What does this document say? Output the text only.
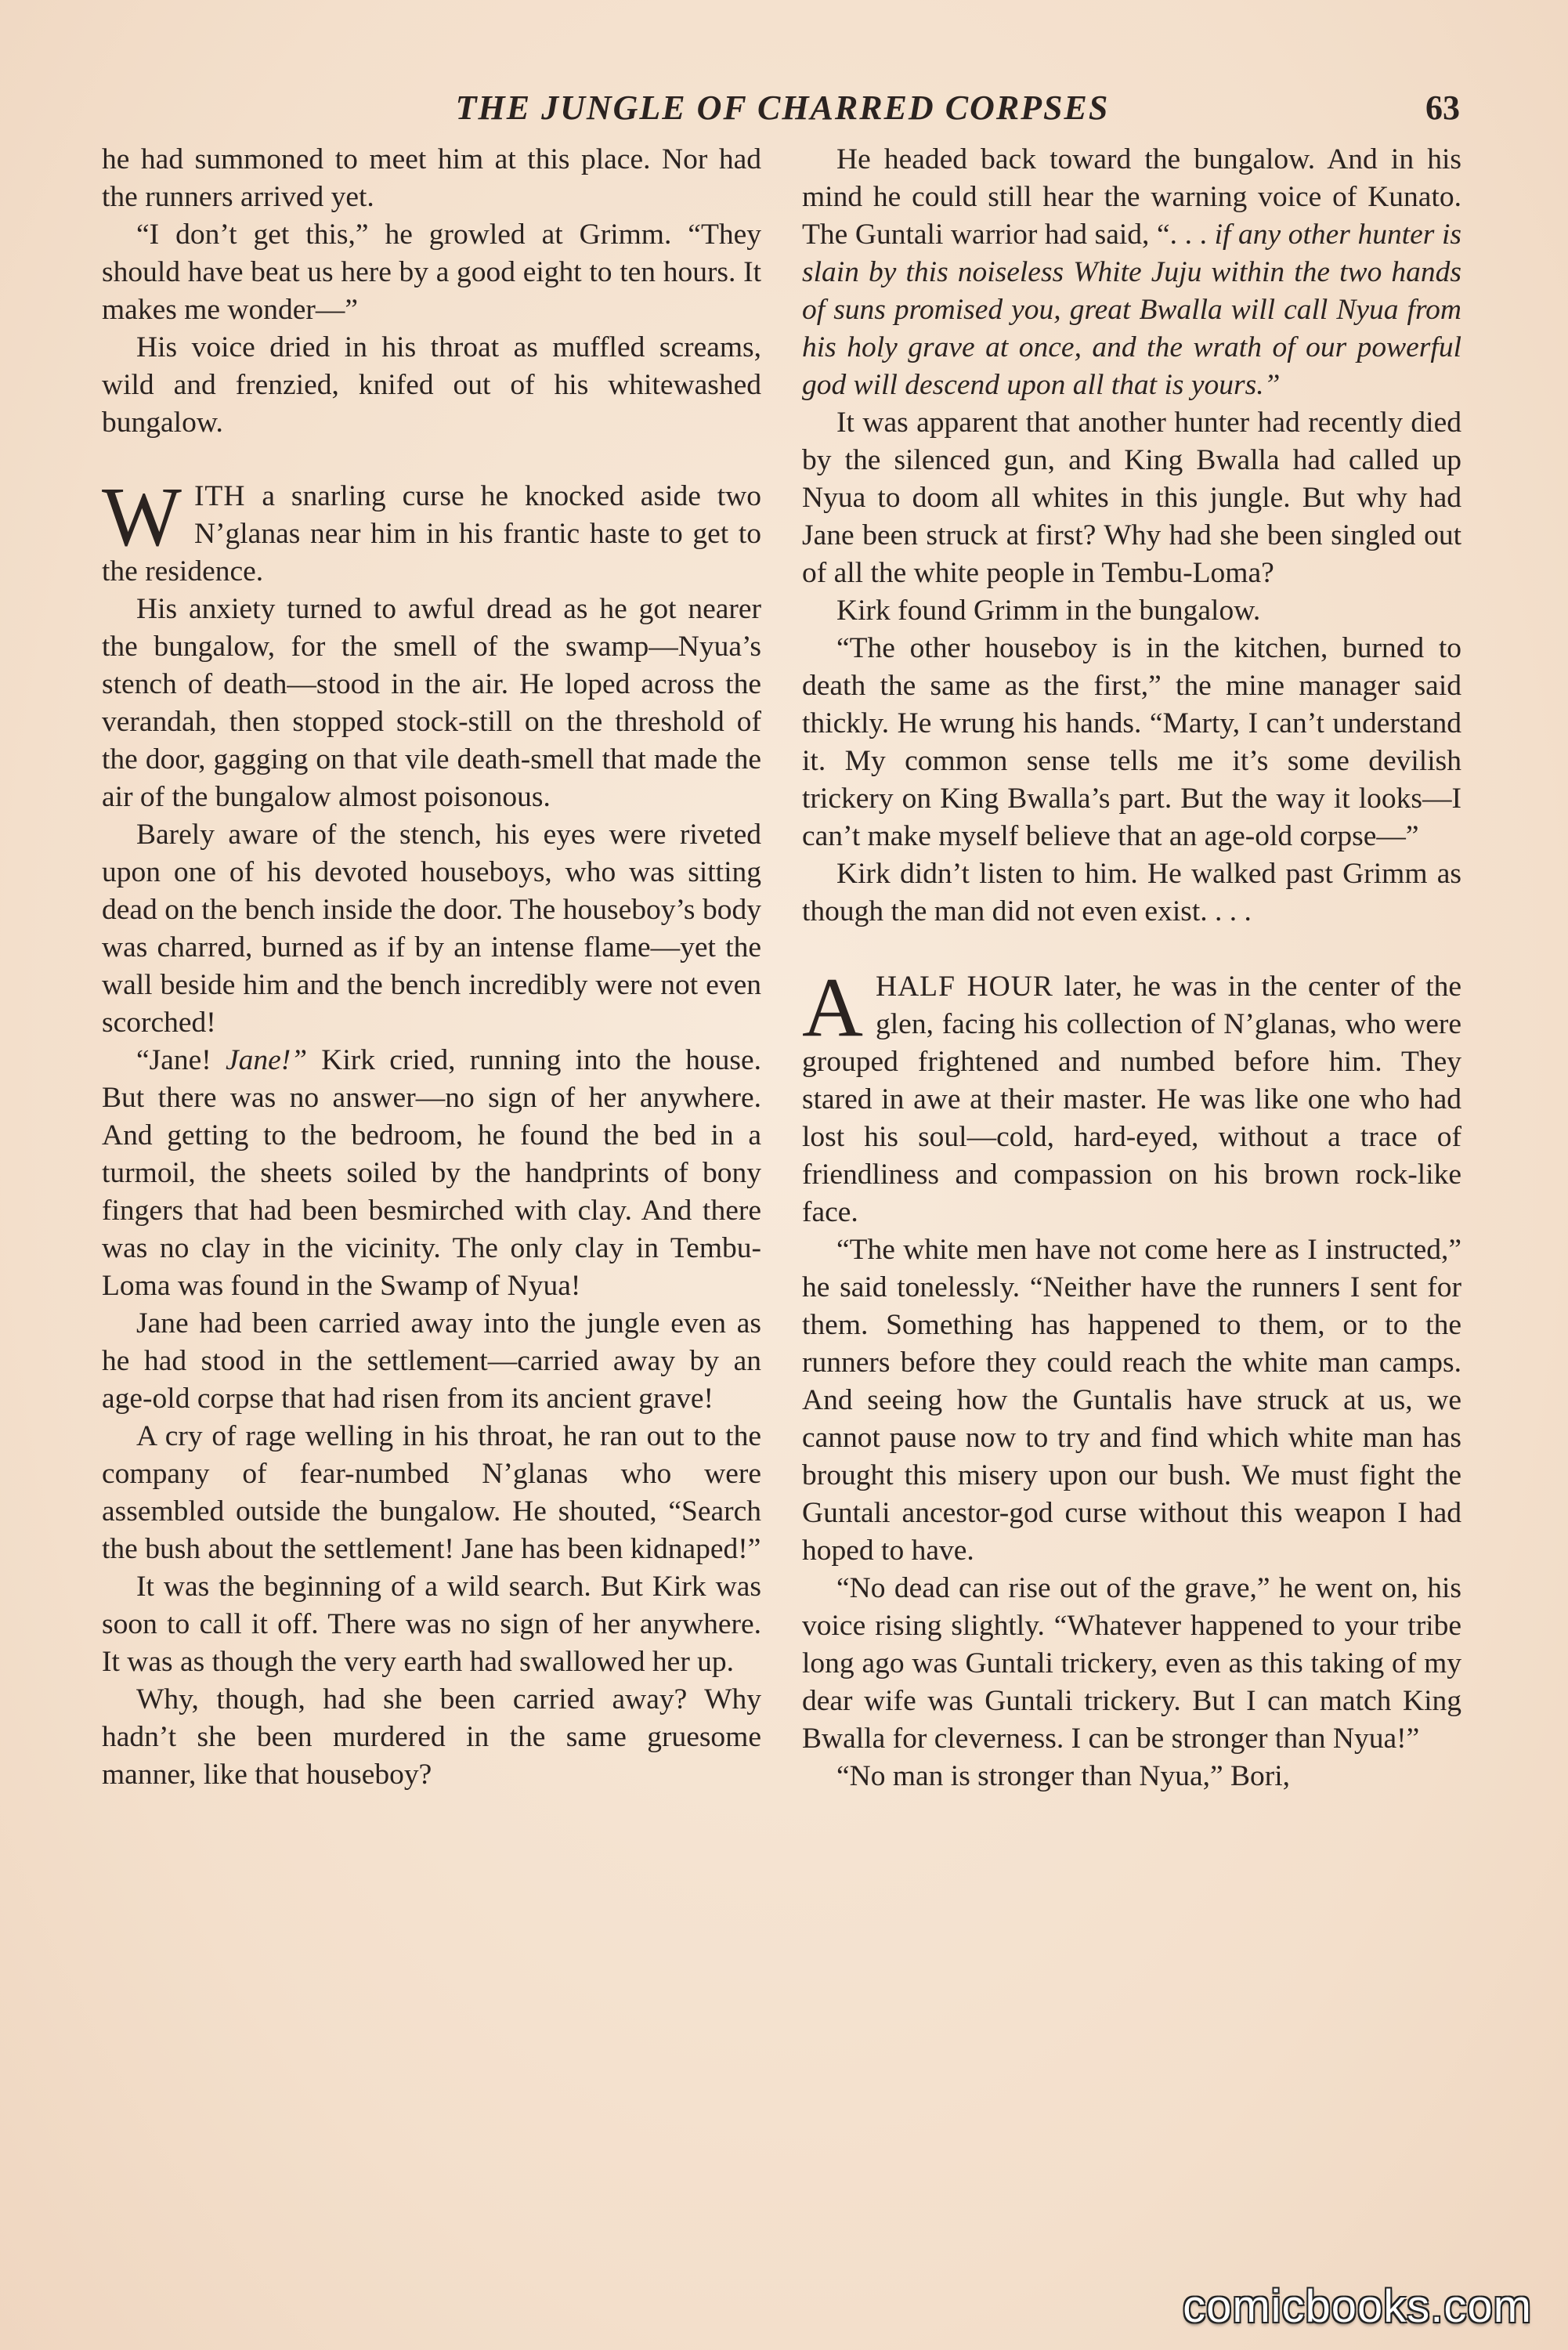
THE JUNGLE OF CHARRED CORPSES	63

he had summoned to meet him at this place. Nor had the runners arrived yet.

“I don’t get this,” he growled at Grimm. “They should have beat us here by a good eight to ten hours. It makes me wonder—”

His voice dried in his throat as muffled screams, wild and frenzied, knifed out of his whitewashed bungalow.

WITH a snarling curse he knocked aside two N’glanas near him in his frantic haste to get to the residence.

His anxiety turned to awful dread as he got nearer the bungalow, for the smell of the swamp—Nyua’s stench of death—stood in the air. He loped across the verandah, then stopped stock-still on the threshold of the door, gagging on that vile death-smell that made the air of the bungalow almost poisonous.

Barely aware of the stench, his eyes were riveted upon one of his devoted houseboys, who was sitting dead on the bench inside the door. The houseboy’s body was charred, burned as if by an intense flame—yet the wall beside him and the bench incredibly were not even scorched!

“Jane! Jane!” Kirk cried, running into the house. But there was no answer—no sign of her anywhere. And getting to the bedroom, he found the bed in a turmoil, the sheets soiled by the handprints of bony fingers that had been besmirched with clay. And there was no clay in the vicinity. The only clay in Tembu-Loma was found in the Swamp of Nyua!

Jane had been carried away into the jungle even as he had stood in the settlement—carried away by an age-old corpse that had risen from its ancient grave!

A cry of rage welling in his throat, he ran out to the company of fear-numbed N’glanas who were assembled outside the bungalow. He shouted, “Search the bush about the settlement! Jane has been kidnaped!”

It was the beginning of a wild search. But Kirk was soon to call it off. There was no sign of her anywhere. It was as though the very earth had swallowed her up.

Why, though, had she been carried away? Why hadn’t she been murdered in the same gruesome manner, like that houseboy?

He headed back toward the bungalow. And in his mind he could still hear the warning voice of Kunato. The Guntali warrior had said, “. . . if any other hunter is slain by this noiseless White Juju within the two hands of suns promised you, great Bwalla will call Nyua from his holy grave at once, and the wrath of our powerful god will descend upon all that is yours.”

It was apparent that another hunter had recently died by the silenced gun, and King Bwalla had called up Nyua to doom all whites in this jungle. But why had Jane been struck at first? Why had she been singled out of all the white people in Tembu-Loma?

Kirk found Grimm in the bungalow.

“The other houseboy is in the kitchen, burned to death the same as the first,” the mine manager said thickly. He wrung his hands. “Marty, I can’t understand it. My common sense tells me it’s some devilish trickery on King Bwalla’s part. But the way it looks—I can’t make myself believe that an age-old corpse—”

Kirk didn’t listen to him. He walked past Grimm as though the man did not even exist. . . .

AHALF HOUR later, he was in the center of the glen, facing his collection of N’glanas, who were grouped frightened and numbed before him. They stared in awe at their master. He was like one who had lost his soul—cold, hard-eyed, without a trace of friendliness and compassion on his brown rock-like face.

“The white men have not come here as I instructed,” he said tonelessly. “Neither have the runners I sent for them. Something has happened to them, or to the runners before they could reach the white man camps. And seeing how the Guntalis have struck at us, we cannot pause now to try and find which white man has brought this misery upon our bush. We must fight the Guntali ancestor-god curse without this weapon I had hoped to have.

“No dead can rise out of the grave,” he went on, his voice rising slightly. “Whatever happened to your tribe long ago was Guntali trickery, even as this taking of my dear wife was Guntali trickery. But I can match King Bwalla for cleverness. I can be stronger than Nyua!”

“No man is stronger than Nyua,” Bori,

comicbooks.com
